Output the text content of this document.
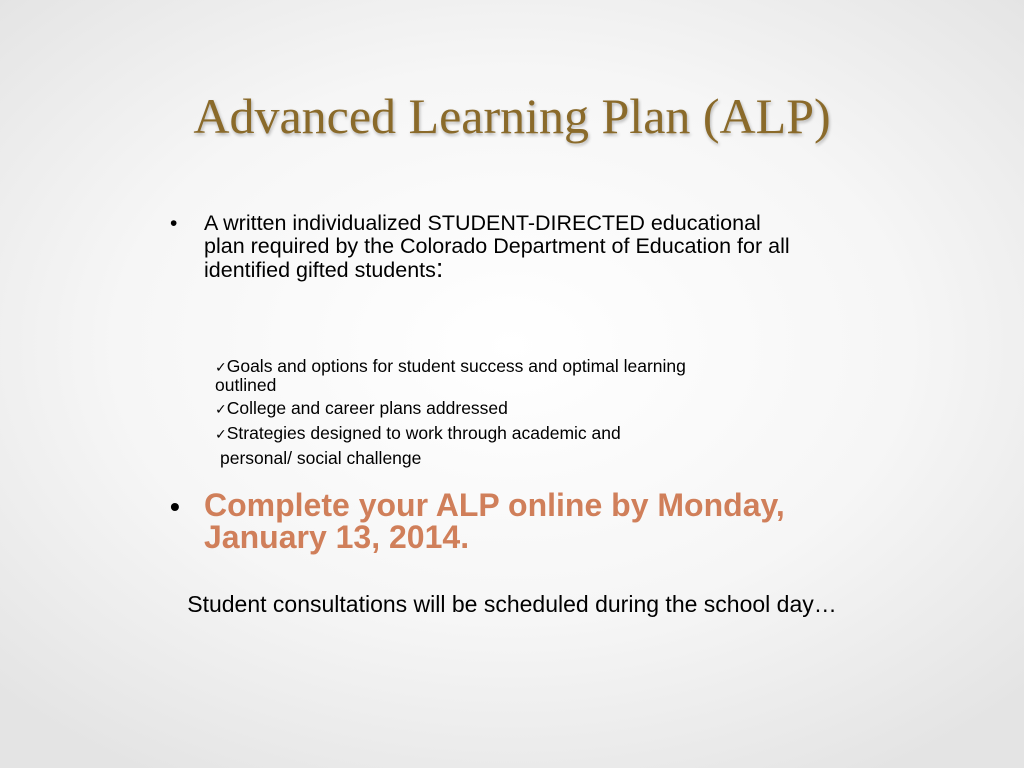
Advanced Learning Plan (ALP)
•	A written individualized STUDENT-DIRECTED educational plan required by the Colorado Department of Education for all identified gifted students:
✓Goals and options for student success and optimal learning
outlined
✓College and career plans addressed
✓Strategies designed to work through academic and
personal/ social challenge
• Complete your ALP online by Monday, January 13, 2014.
Student consultations will be scheduled during the school day…
